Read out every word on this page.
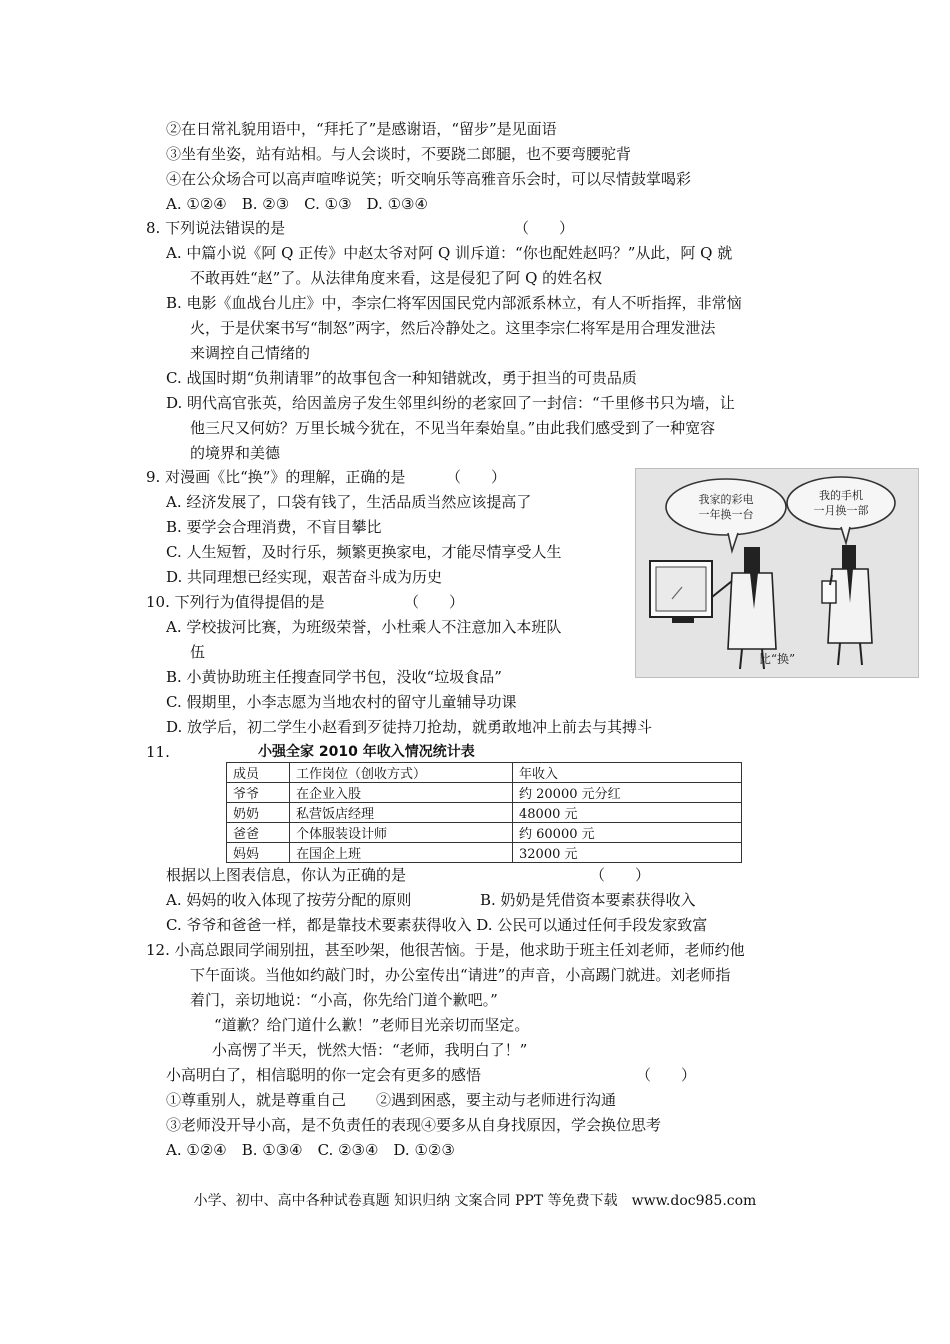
②在日常礼貌用语中，“拜托了”是感谢语，“留步”是见面语
③坐有坐姿，站有站相。与人会谈时，不要跷二郎腿，也不要弯腰驼背
④在公众场合可以高声喧哗说笑；听交响乐等高雅音乐会时，可以尽情鼓掌喝彩
A. ①②④　B. ②③　C. ①③　D. ①③④
8. 下列说法错误的是	（　　）
A. 中篇小说《阿 Q 正传》中赵太爷对阿 Q 训斥道：“你也配姓赵吗？”从此，阿 Q 就
不敢再姓“赵”了。从法律角度来看，这是侵犯了阿 Q 的姓名权
B. 电影《血战台儿庄》中，李宗仁将军因国民党内部派系林立，有人不听指挥，非常恼
火，于是伏案书写“制怒”两字，然后冷静处之。这里李宗仁将军是用合理发泄法
来调控自己情绪的
C. 战国时期“负荆请罪”的故事包含一种知错就改，勇于担当的可贵品质
D. 明代高官张英，给因盖房子发生邻里纠纷的老家回了一封信：“千里修书只为墙，让
他三尺又何妨？万里长城今犹在，不见当年秦始皇。”由此我们感受到了一种宽容
的境界和美德
9. 对漫画《比“换”》的理解，正确的是	（　　）
A. 经济发展了，口袋有钱了，生活品质当然应该提高了
B. 要学会合理消费，不盲目攀比
C. 人生短暂，及时行乐，频繁更换家电，才能尽情享受人生
D. 共同理想已经实现，艰苦奋斗成为历史
我家的彩电
一年换一台
我的手机
一月换一部
比“换”
10. 下列行为值得提倡的是	（　　）
A. 学校拔河比赛，为班级荣誉，小杜乘人不注意加入本班队
伍
B. 小黄协助班主任搜查同学书包，没收“垃圾食品”
C. 假期里，小李志愿为当地农村的留守儿童辅导功课
D. 放学后，初二学生小赵看到歹徒持刀抢劫，就勇敢地冲上前去与其搏斗
11.	小强全家 2010 年收入情况统计表
成员	工作岗位（创收方式）	年收入
爷爷	在企业入股	约 20000 元分红
奶奶	私营饭店经理	48000 元
爸爸	个体服装设计师	约 60000 元
妈妈	在国企上班	32000 元
根据以上图表信息，你认为正确的是	（　　）
A. 妈妈的收入体现了按劳分配的原则	B. 奶奶是凭借资本要素获得收入
C. 爷爷和爸爸一样，都是靠技术要素获得收入 D. 公民可以通过任何手段发家致富
12. 小高总跟同学闹别扭，甚至吵架，他很苦恼。于是，他求助于班主任刘老师，老师约他
下午面谈。当他如约敲门时，办公室传出“请进”的声音，小高踢门就进。刘老师指
着门，亲切地说：“小高，你先给门道个歉吧。”
“道歉？给门道什么歉！”老师目光亲切而坚定。
小高愣了半天，恍然大悟：“老师，我明白了！”
小高明白了，相信聪明的你一定会有更多的感悟	（　　）
①尊重别人，就是尊重自己　　②遇到困惑，要主动与老师进行沟通
③老师没开导小高，是不负责任的表现④要多从自身找原因，学会换位思考
A. ①②④　B. ①③④　C. ②③④　D. ①②③
小学、初中、高中各种试卷真题 知识归纳 文案合同 PPT 等免费下载　www.doc985.com
